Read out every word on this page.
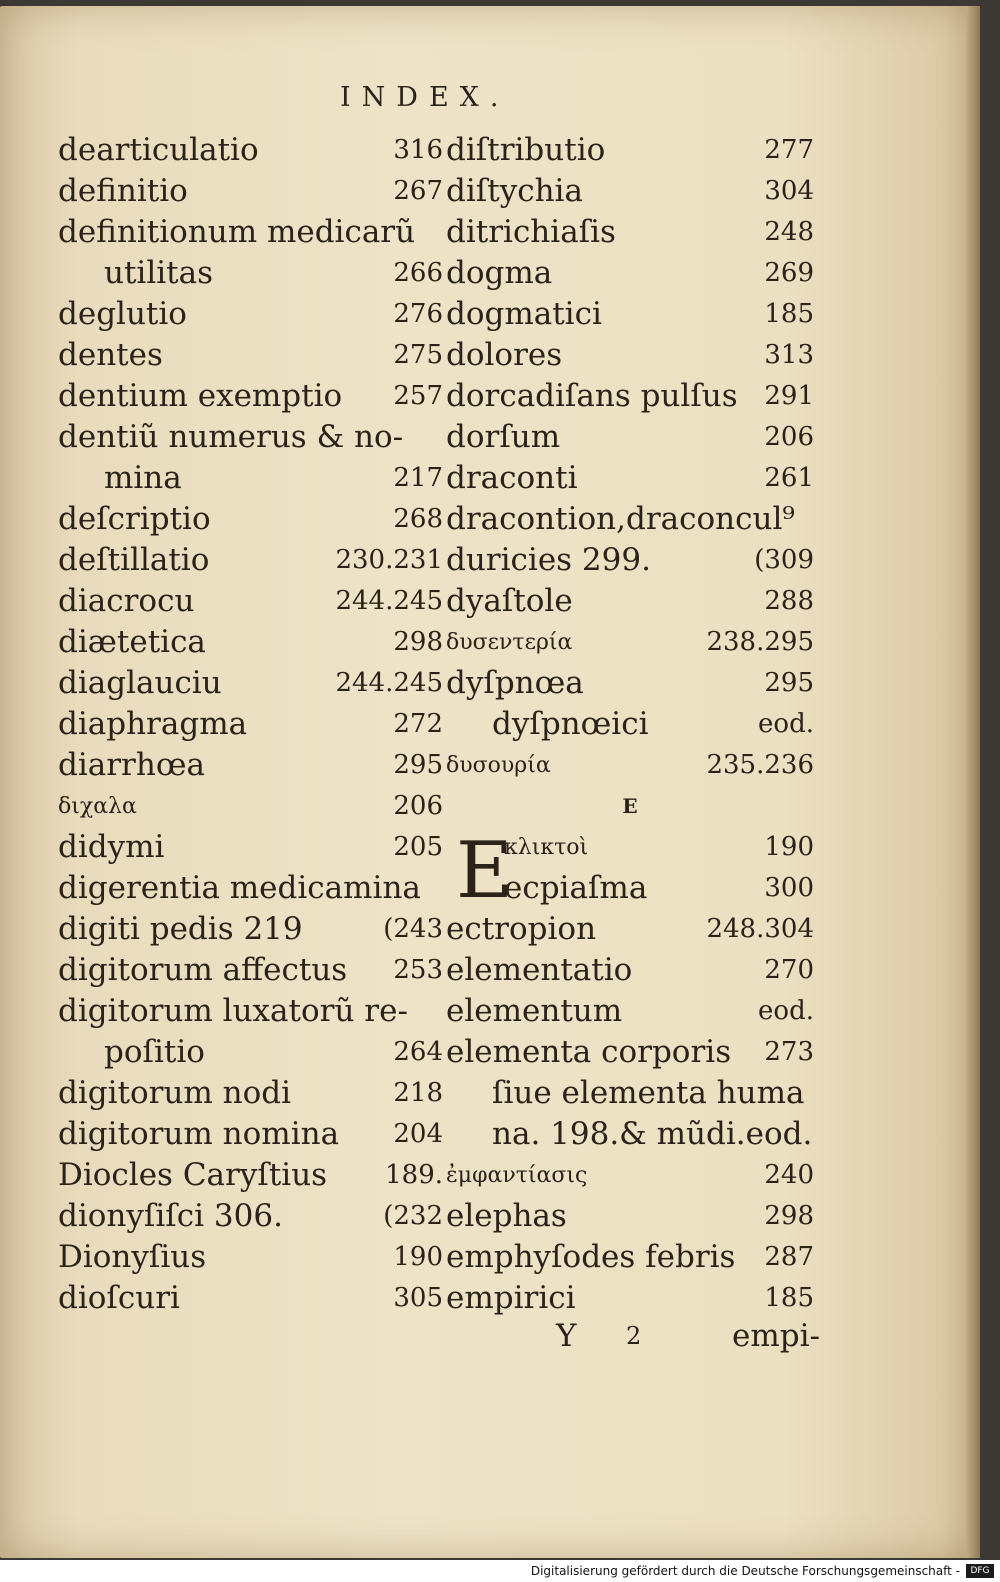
INDEX.
dearticulatio	316
definitio	267
definitionum medicarũ
utilitas	266
deglutio	276
dentes	275
dentium exemptio 257
dentiũ numerus & no-
mina	217
deſcriptio	268
deſtillatio	230.231
diacrocu	244.245
diætetica	298
diaglauciu	244.245
diaphragma	272
diarrhœa	295
διχαλα	206
didymi	205
digerentia medicamina
digiti pedis 219	(243
digitorum affectus 253
digitorum luxatorũ re-
poſitio	264
digitorum nodi	218
digitorum nomina 204
Diocles Caryſtius 189.
dionyſiſci 306.	(232
Dionyſius	190
dioſcuri	305
diſtributio	277
diſtychia	304
ditrichiaſis	248
dogma	269
dogmatici	185
dolores	313
dorcadiſans pulſus 291
dorſum	206
draconti	261
dracontion,draconcul⁹
duricies 299.	(309
dyaſtole	288
δυσεντερία	238.295
dyſpnœa	295
dyſpnœici	eod.
δυσουρία	235.236
E
κλικτοὶ	190
ecpiaſma	300
ectropion	248.304
elementatio	270
elementum	eod.
elementa corporis 273
ſiue elementa huma
na. 198.& mũdi.eod.
ἐμφαντίασις	240
elephas	298
emphyſodes febris 287
empirici	185
E
Y 2	empi-
Digitalisierung gefördert durch die Deutsche Forschungsgemeinschaft -	DFG
